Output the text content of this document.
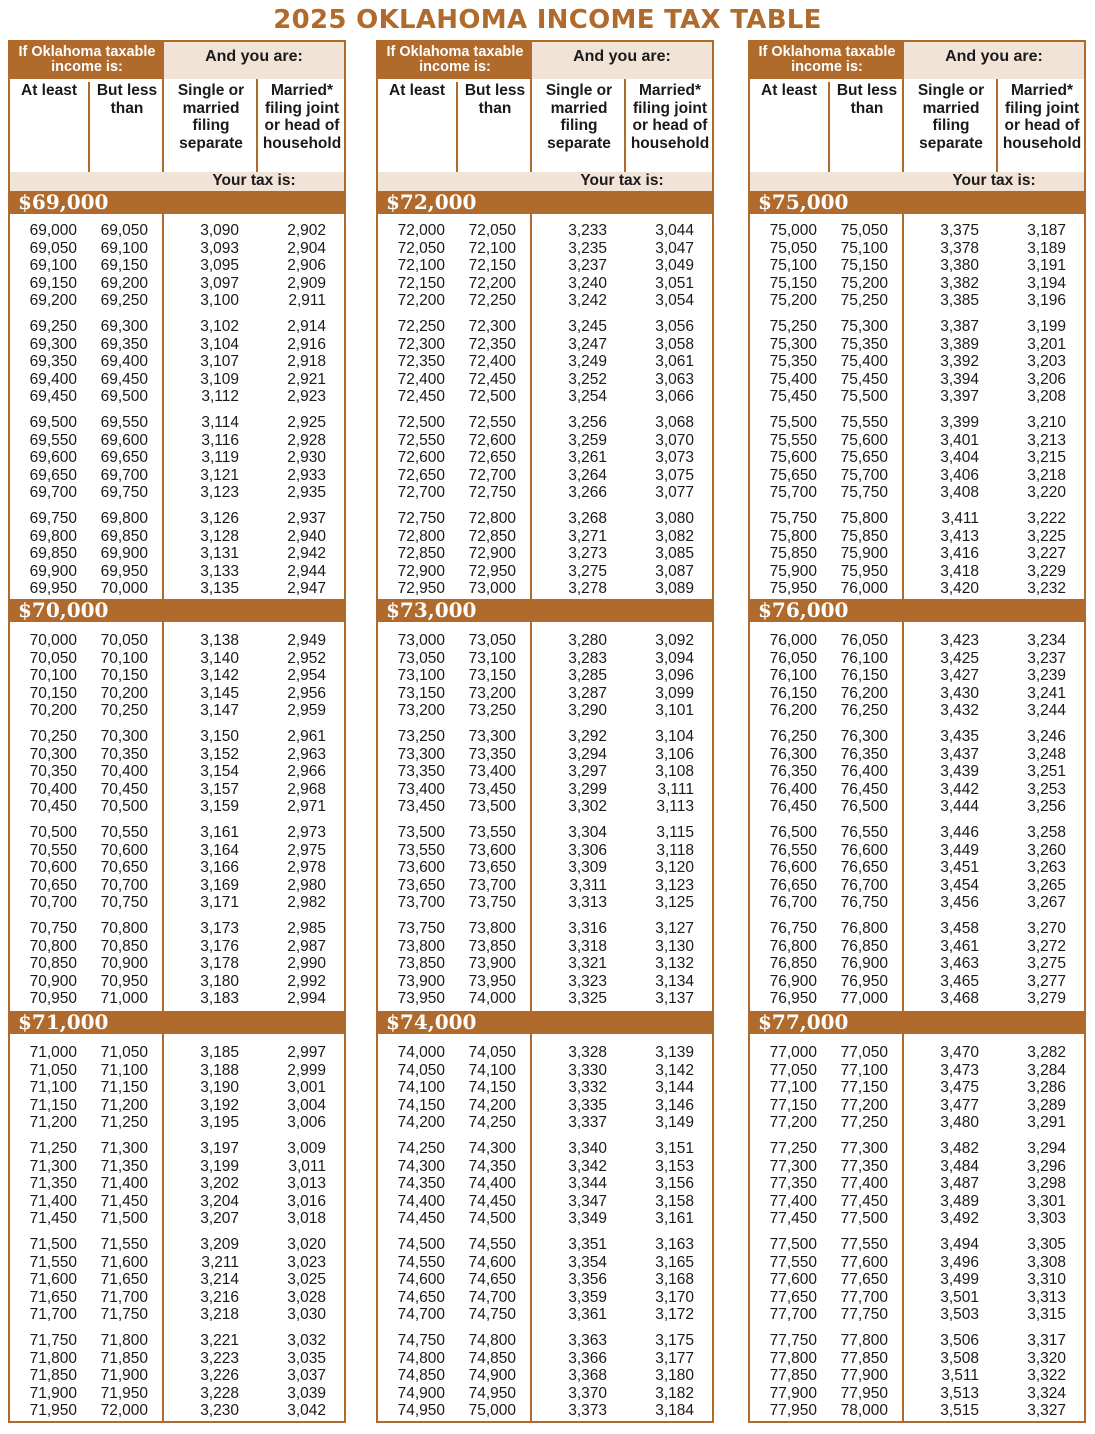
2025 OKLAHOMA INCOME TAX TABLE
If Oklahoma taxable income is:
And you are:
At least	But less than
Single or married filing separate
Married* filing joint or head of household
Your tax is:
$69,000
69,000	69,050	3,090	2,902
69,050	69,100	3,093	2,904
69,100	69,150	3,095	2,906
69,150	69,200	3,097	2,909
69,200	69,250	3,100	2,911
69,250	69,300	3,102	2,914
69,300	69,350	3,104	2,916
69,350	69,400	3,107	2,918
69,400	69,450	3,109	2,921
69,450	69,500	3,112	2,923
69,500	69,550	3,114	2,925
69,550	69,600	3,116	2,928
69,600	69,650	3,119	2,930
69,650	69,700	3,121	2,933
69,700	69,750	3,123	2,935
69,750	69,800	3,126	2,937
69,800	69,850	3,128	2,940
69,850	69,900	3,131	2,942
69,900	69,950	3,133	2,944
69,950	70,000	3,135	2,947
$70,000
70,000	70,050	3,138	2,949
70,050	70,100	3,140	2,952
70,100	70,150	3,142	2,954
70,150	70,200	3,145	2,956
70,200	70,250	3,147	2,959
70,250	70,300	3,150	2,961
70,300	70,350	3,152	2,963
70,350	70,400	3,154	2,966
70,400	70,450	3,157	2,968
70,450	70,500	3,159	2,971
70,500	70,550	3,161	2,973
70,550	70,600	3,164	2,975
70,600	70,650	3,166	2,978
70,650	70,700	3,169	2,980
70,700	70,750	3,171	2,982
70,750	70,800	3,173	2,985
70,800	70,850	3,176	2,987
70,850	70,900	3,178	2,990
70,900	70,950	3,180	2,992
70,950	71,000	3,183	2,994
$71,000
71,000	71,050	3,185	2,997
71,050	71,100	3,188	2,999
71,100	71,150	3,190	3,001
71,150	71,200	3,192	3,004
71,200	71,250	3,195	3,006
71,250	71,300	3,197	3,009
71,300	71,350	3,199	3,011
71,350	71,400	3,202	3,013
71,400	71,450	3,204	3,016
71,450	71,500	3,207	3,018
71,500	71,550	3,209	3,020
71,550	71,600	3,211	3,023
71,600	71,650	3,214	3,025
71,650	71,700	3,216	3,028
71,700	71,750	3,218	3,030
71,750	71,800	3,221	3,032
71,800	71,850	3,223	3,035
71,850	71,900	3,226	3,037
71,900	71,950	3,228	3,039
71,950	72,000	3,230	3,042
If Oklahoma taxable income is:
And you are:
At least	But less than
Single or married filing separate
Married* filing joint or head of household
Your tax is:
$72,000
72,000	72,050	3,233	3,044
72,050	72,100	3,235	3,047
72,100	72,150	3,237	3,049
72,150	72,200	3,240	3,051
72,200	72,250	3,242	3,054
72,250	72,300	3,245	3,056
72,300	72,350	3,247	3,058
72,350	72,400	3,249	3,061
72,400	72,450	3,252	3,063
72,450	72,500	3,254	3,066
72,500	72,550	3,256	3,068
72,550	72,600	3,259	3,070
72,600	72,650	3,261	3,073
72,650	72,700	3,264	3,075
72,700	72,750	3,266	3,077
72,750	72,800	3,268	3,080
72,800	72,850	3,271	3,082
72,850	72,900	3,273	3,085
72,900	72,950	3,275	3,087
72,950	73,000	3,278	3,089
$73,000
73,000	73,050	3,280	3,092
73,050	73,100	3,283	3,094
73,100	73,150	3,285	3,096
73,150	73,200	3,287	3,099
73,200	73,250	3,290	3,101
73,250	73,300	3,292	3,104
73,300	73,350	3,294	3,106
73,350	73,400	3,297	3,108
73,400	73,450	3,299	3,111
73,450	73,500	3,302	3,113
73,500	73,550	3,304	3,115
73,550	73,600	3,306	3,118
73,600	73,650	3,309	3,120
73,650	73,700	3,311	3,123
73,700	73,750	3,313	3,125
73,750	73,800	3,316	3,127
73,800	73,850	3,318	3,130
73,850	73,900	3,321	3,132
73,900	73,950	3,323	3,134
73,950	74,000	3,325	3,137
$74,000
74,000	74,050	3,328	3,139
74,050	74,100	3,330	3,142
74,100	74,150	3,332	3,144
74,150	74,200	3,335	3,146
74,200	74,250	3,337	3,149
74,250	74,300	3,340	3,151
74,300	74,350	3,342	3,153
74,350	74,400	3,344	3,156
74,400	74,450	3,347	3,158
74,450	74,500	3,349	3,161
74,500	74,550	3,351	3,163
74,550	74,600	3,354	3,165
74,600	74,650	3,356	3,168
74,650	74,700	3,359	3,170
74,700	74,750	3,361	3,172
74,750	74,800	3,363	3,175
74,800	74,850	3,366	3,177
74,850	74,900	3,368	3,180
74,900	74,950	3,370	3,182
74,950	75,000	3,373	3,184
If Oklahoma taxable income is:
And you are:
At least	But less than
Single or married filing separate
Married* filing joint or head of household
Your tax is:
$75,000
75,000	75,050	3,375	3,187
75,050	75,100	3,378	3,189
75,100	75,150	3,380	3,191
75,150	75,200	3,382	3,194
75,200	75,250	3,385	3,196
75,250	75,300	3,387	3,199
75,300	75,350	3,389	3,201
75,350	75,400	3,392	3,203
75,400	75,450	3,394	3,206
75,450	75,500	3,397	3,208
75,500	75,550	3,399	3,210
75,550	75,600	3,401	3,213
75,600	75,650	3,404	3,215
75,650	75,700	3,406	3,218
75,700	75,750	3,408	3,220
75,750	75,800	3,411	3,222
75,800	75,850	3,413	3,225
75,850	75,900	3,416	3,227
75,900	75,950	3,418	3,229
75,950	76,000	3,420	3,232
$76,000
76,000	76,050	3,423	3,234
76,050	76,100	3,425	3,237
76,100	76,150	3,427	3,239
76,150	76,200	3,430	3,241
76,200	76,250	3,432	3,244
76,250	76,300	3,435	3,246
76,300	76,350	3,437	3,248
76,350	76,400	3,439	3,251
76,400	76,450	3,442	3,253
76,450	76,500	3,444	3,256
76,500	76,550	3,446	3,258
76,550	76,600	3,449	3,260
76,600	76,650	3,451	3,263
76,650	76,700	3,454	3,265
76,700	76,750	3,456	3,267
76,750	76,800	3,458	3,270
76,800	76,850	3,461	3,272
76,850	76,900	3,463	3,275
76,900	76,950	3,465	3,277
76,950	77,000	3,468	3,279
$77,000
77,000	77,050	3,470	3,282
77,050	77,100	3,473	3,284
77,100	77,150	3,475	3,286
77,150	77,200	3,477	3,289
77,200	77,250	3,480	3,291
77,250	77,300	3,482	3,294
77,300	77,350	3,484	3,296
77,350	77,400	3,487	3,298
77,400	77,450	3,489	3,301
77,450	77,500	3,492	3,303
77,500	77,550	3,494	3,305
77,550	77,600	3,496	3,308
77,600	77,650	3,499	3,310
77,650	77,700	3,501	3,313
77,700	77,750	3,503	3,315
77,750	77,800	3,506	3,317
77,800	77,850	3,508	3,320
77,850	77,900	3,511	3,322
77,900	77,950	3,513	3,324
77,950	78,000	3,515	3,327
